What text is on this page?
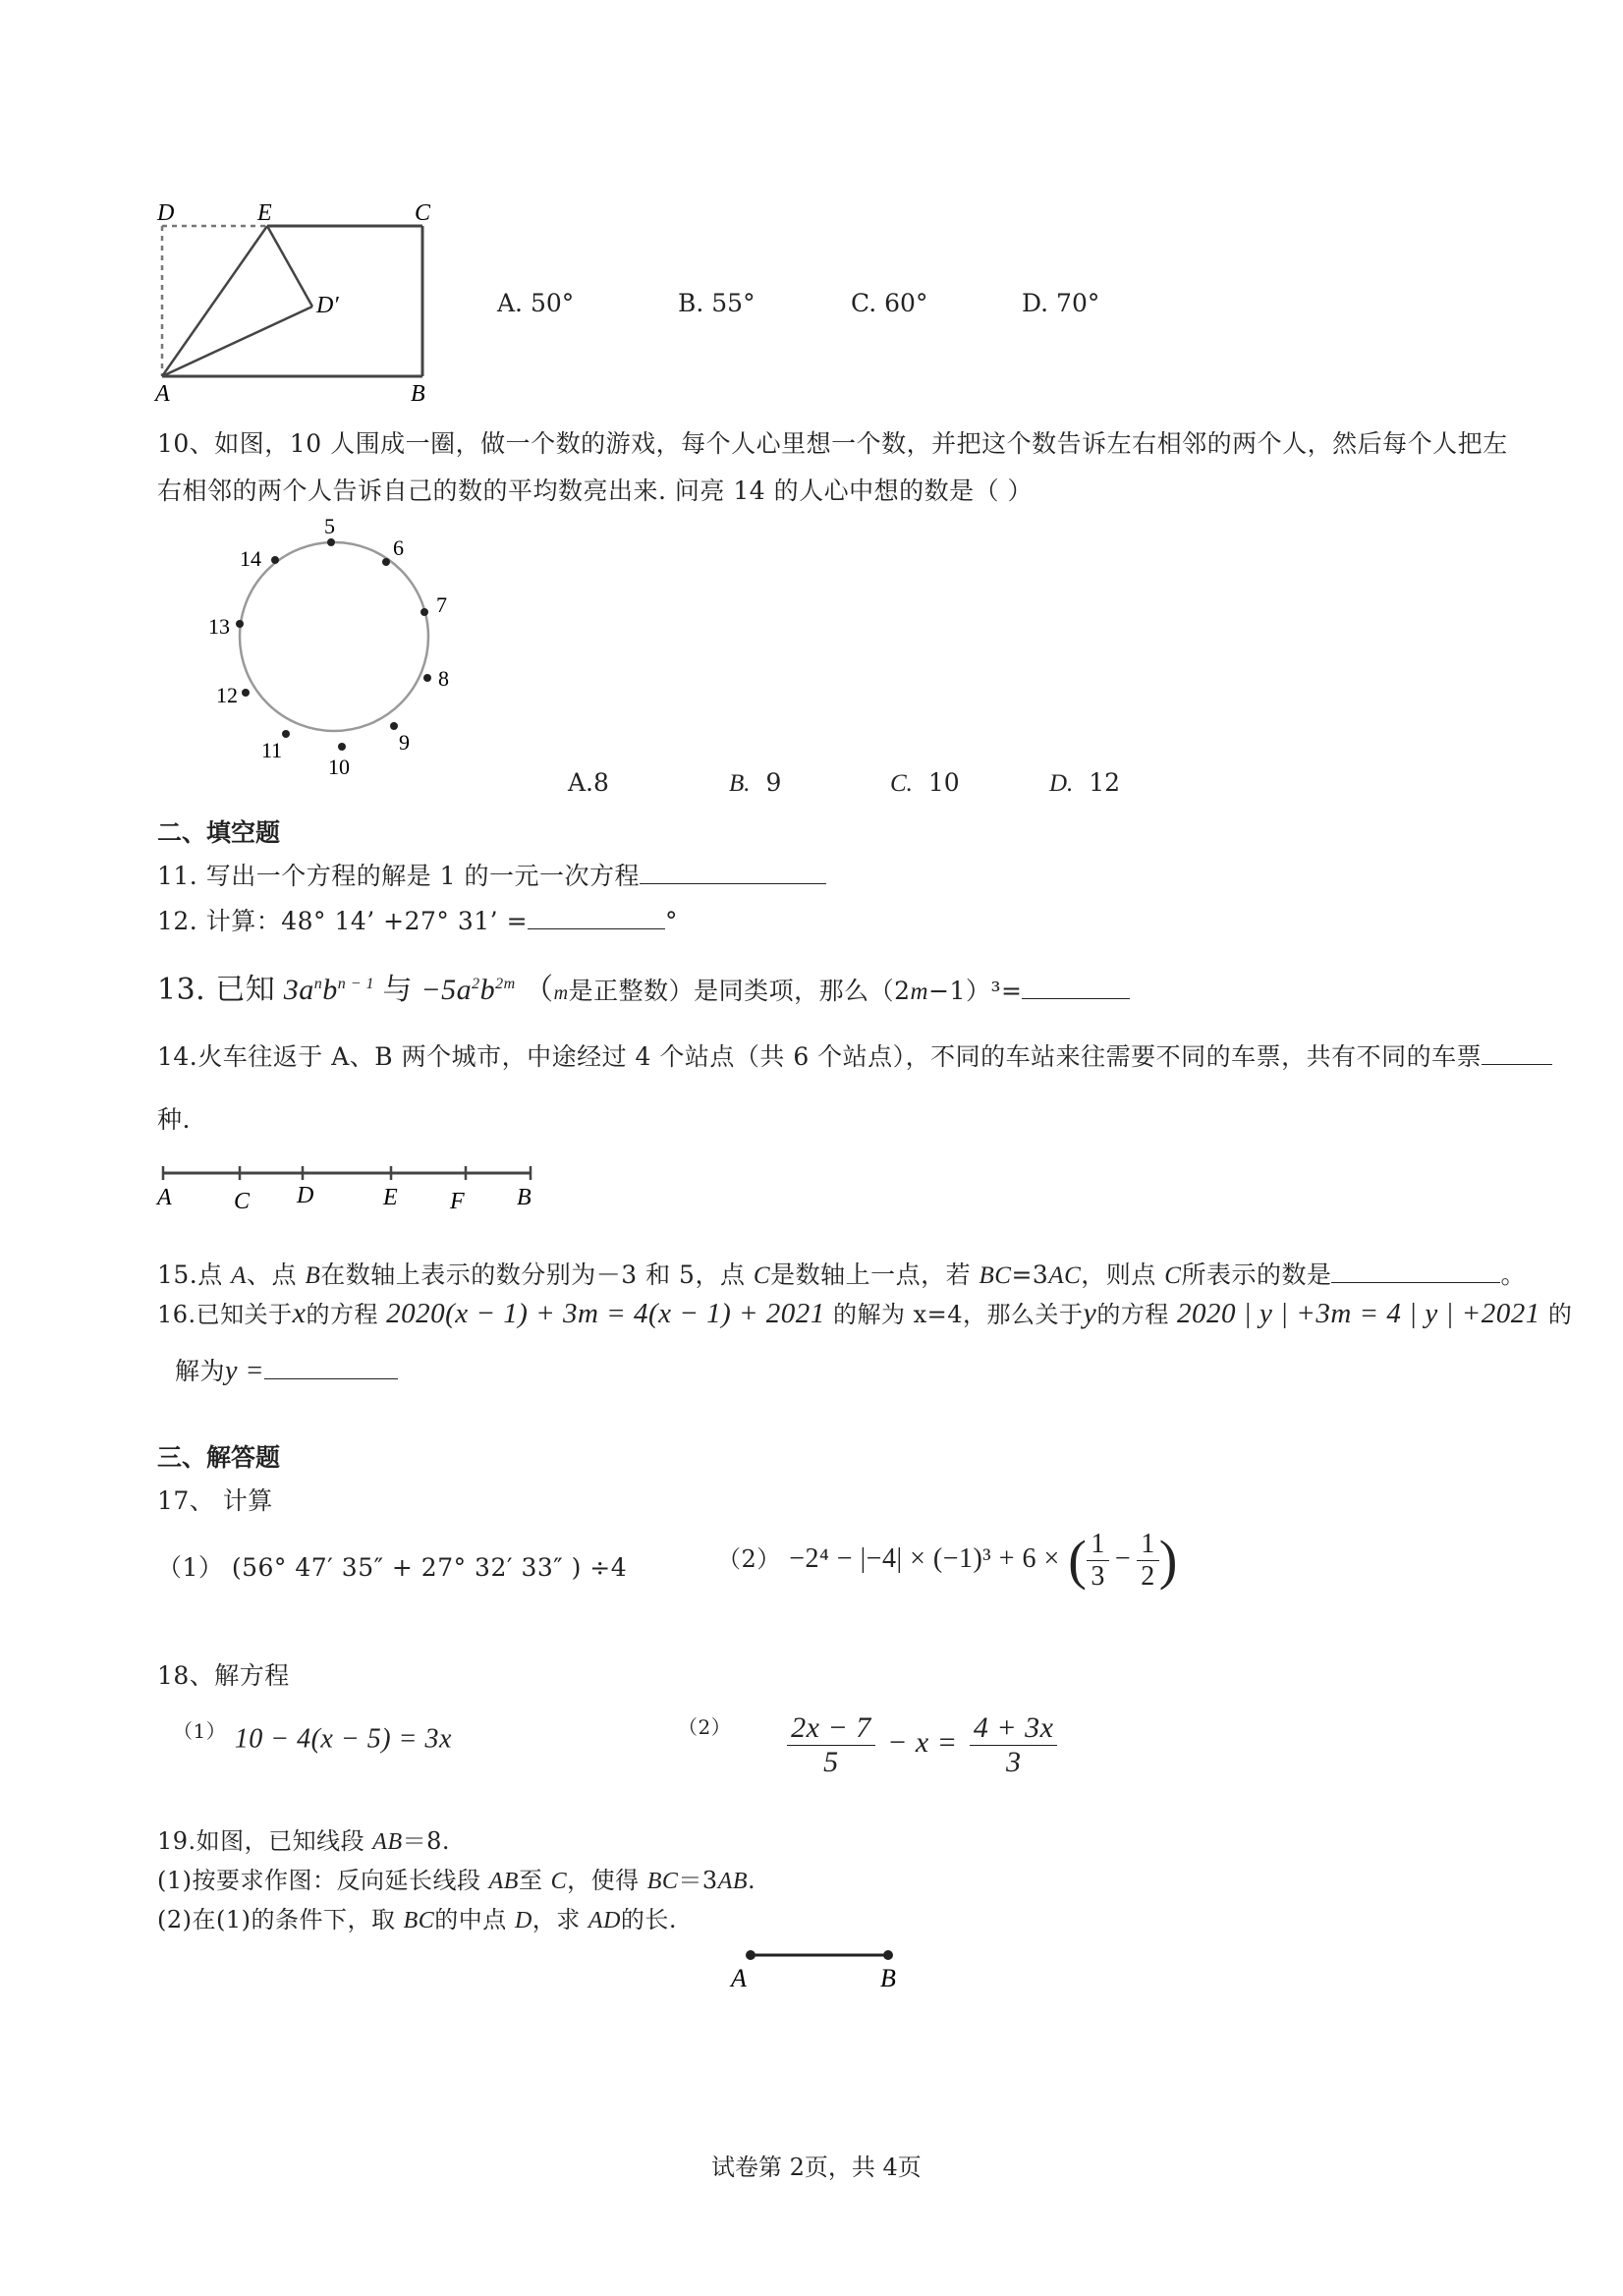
D	E	C
D′
A	B
A. 50°	B. 55°	C. 60°	D. 70°
10、如图，10 人围成一圈，做一个数的游戏，每个人心里想一个数，并把这个数告诉左右相邻的两个人，然后每个人把左
右相邻的两个人告诉自己的数的平均数亮出来. 问亮 14 的人心中想的数是（ ）
5
6
7
8
9
10
11
12
13
14
A.8	B. 9	C. 10	D. 12
二、填空题
11. 写出一个方程的解是 1 的一元一次方程
12. 计算：48° 14’ +27° 31’ =	°
13. 已知 $3a^nb^{n - 1}$ 与 $-5a^2b^{2m}$ （m是正整数）是同类项，那么（2m−1）³=
14.火车往返于 A、B 两个城市，中途经过 4 个站点（共 6 个站点），不同的车站来往需要不同的车票，共有不同的车票
种.
A	C D	E F B
15.点 A、点 B在数轴上表示的数分别为－3 和 5，点 C是数轴上一点，若 BC=3AC，则点 C所表示的数是	。
16.已知关于x的方程 2020(x − 1) + 3m = 4(x − 1) + 2021 的解为 x=4，那么关于y的方程 2020 | y | +3m = 4 | y | +2021 的
解为y =
三、解答题
17、 计算
（1） (56° 47′ 35″ + 27° 32′ 33″ ) ÷4	（2） −2⁴ − |−4| × (−1)³ + 6 × ( $\frac{1}{3} - \frac{1}{2}$ )
18、解方程
$^{(1)}$ 10 − 4(x − 5) = 3x	$^{(2)} \frac{2x - 7}{5} - x = \frac{4 + 3x}{3}$
19.如图，已知线段 AB＝8.
(1)按要求作图：反向延长线段 AB至 C，使得 BC＝3AB.
(2)在(1)的条件下，取 BC的中点 D，求 AD的长.
A	B
试卷第 2页，共 4页
